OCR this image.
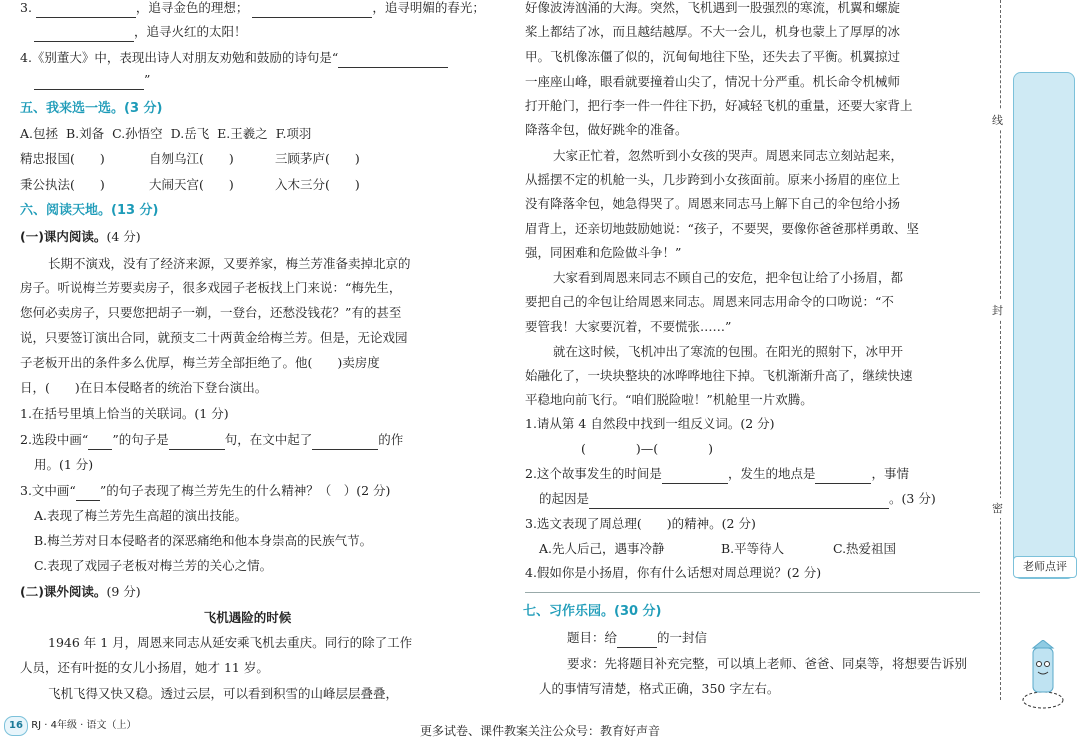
3.	，追寻金色的理想；	，追寻明媚的春光；
，追寻火红的太阳！
4.《别董大》中，表现出诗人对朋友劝勉和鼓励的诗句是“
”
五、我来选一选。(3 分)
A.包拯 B.刘备 C.孙悟空 D.岳飞 E.王羲之 F.项羽
精忠报国(　　)	自刎乌江(　　)	三顾茅庐(　　)
秉公执法(　　)	大闹天宫(　　)	入木三分(　　)
六、阅读天地。(13 分)
(一)课内阅读。(4 分)
长期不演戏，没有了经济来源，又要养家，梅兰芳准备卖掉北京的
房子。听说梅兰芳要卖房子，很多戏园子老板找上门来说：“梅先生，
您何必卖房子，只要您把胡子一剃，一登台，还愁没钱花？”有的甚至
说，只要签订演出合同，就预支二十两黄金给梅兰芳。但是，无论戏园
子老板开出的条件多么优厚，梅兰芳全部拒绝了。他(　　)卖房度
日，(　　)在日本侵略者的统治下登台演出。
1.在括号里填上恰当的关联词。(1 分)
2.选段中画“ ”的句子是	句，在文中起了	的作
用。(1 分)
3.文中画“ ”的句子表现了梅兰芳先生的什么精神？（　）(2 分)
A.表现了梅兰芳先生高超的演出技能。
B.梅兰芳对日本侵略者的深恶痛绝和他本身崇高的民族气节。
C.表现了戏园子老板对梅兰芳的关心之情。
(二)课外阅读。(9 分)
飞机遇险的时候
1946 年 1 月，周恩来同志从延安乘飞机去重庆。同行的除了工作
人员，还有叶挺的女儿小扬眉，她才 11 岁。
飞机飞得又快又稳。透过云层，可以看到积雪的山峰层层叠叠，
好像波涛汹涌的大海。突然，飞机遇到一股强烈的寒流，机翼和螺旋
桨上都结了冰，而且越结越厚。不大一会儿，机身也蒙上了厚厚的冰
甲。飞机像冻僵了似的，沉甸甸地往下坠，还失去了平衡。机翼掠过
一座座山峰，眼看就要撞着山尖了，情况十分严重。机长命令机械师
打开舱门，把行李一件一件往下扔，好减轻飞机的重量，还要大家背上
降落伞包，做好跳伞的准备。
大家正忙着，忽然听到小女孩的哭声。周恩来同志立刻站起来，
从摇摆不定的机舱一头，几步跨到小女孩面前。原来小扬眉的座位上
没有降落伞包，她急得哭了。周恩来同志马上解下自己的伞包给小扬
眉背上，还亲切地鼓励她说：“孩子，不要哭，要像你爸爸那样勇敢、坚
强，同困难和危险做斗争！”
大家看到周恩来同志不顾自己的安危，把伞包让给了小扬眉，都
要把自己的伞包让给周恩来同志。周恩来同志用命令的口吻说：“不
要管我！大家要沉着，不要慌张……”
就在这时候，飞机冲出了寒流的包围。在阳光的照射下，冰甲开
始融化了，一块块整块的冰哗哗地往下掉。飞机渐渐升高了，继续快速
平稳地向前飞行。“咱们脱险啦！”机舱里一片欢腾。
1.请从第 4 自然段中找到一组反义词。(2 分)
(　　　　)—(　　　　)
2.这个故事发生的时间是	，发生的地点是	，事情
的起因是	。(3 分)
3.选文表现了周总理(　　)的精神。(2 分)
A.先人后己，遇事冷静	B.平等待人	C.热爱祖国
4.假如你是小扬眉，你有什么话想对周总理说？(2 分)
七、习作乐园。(30 分)
题目：给	的一封信
要求：先将题目补充完整，可以填上老师、爸爸、同桌等，将想要告诉别
人的事情写清楚，格式正确，350 字左右。
线
封
密
老师点评
16 RJ · 4年级 · 语文（上）	更多试卷、课件教案关注公众号：教育好声音
